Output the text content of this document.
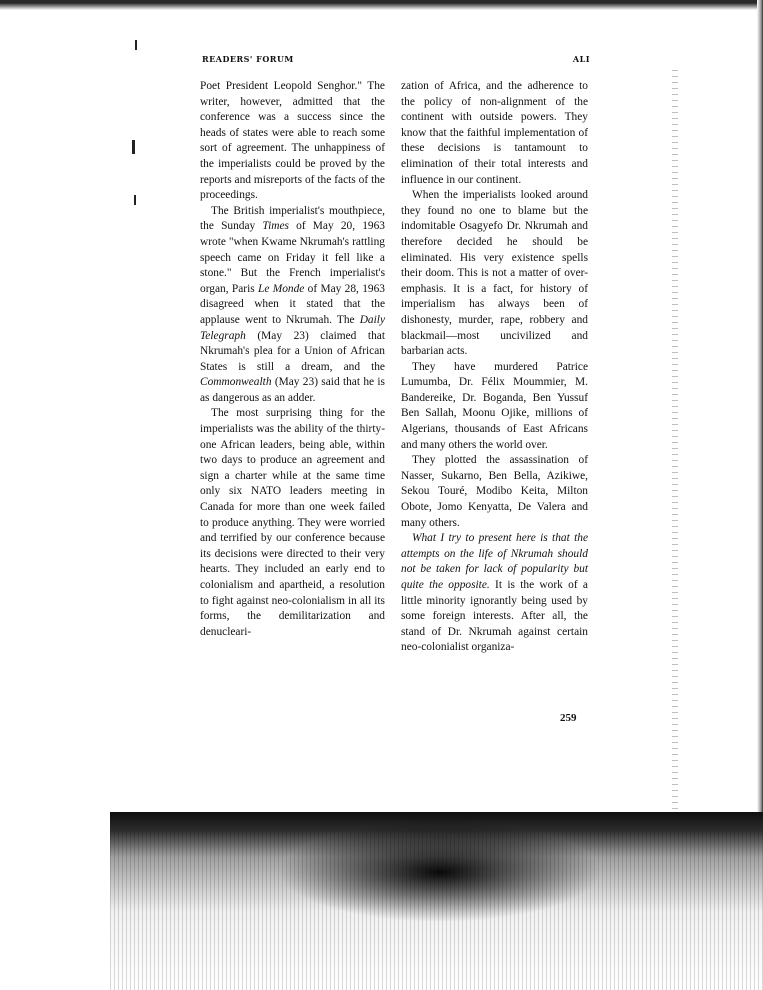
READERS' FORUM	ALI

Poet President Leopold Senghor." The writer, however, admitted that the conference was a success since the heads of states were able to reach some sort of agreement. The unhappiness of the imperialists could be proved by the reports and misreports of the facts of the proceedings.

The British imperialist's mouthpiece, the Sunday Times of May 20, 1963 wrote "when Kwame Nkrumah's rattling speech came on Friday it fell like a stone." But the French imperialist's organ, Paris Le Monde of May 28, 1963 disagreed when it stated that the applause went to Nkrumah. The Daily Telegraph (May 23) claimed that Nkrumah's plea for a Union of African States is still a dream, and the Commonwealth (May 23) said that he is as dangerous as an adder.

The most surprising thing for the imperialists was the ability of the thirty-one African leaders, being able, within two days to produce an agreement and sign a charter while at the same time only six NATO leaders meeting in Canada for more than one week failed to produce anything. They were worried and terrified by our conference because its decisions were directed to their very hearts. They included an early end to colonialism and apartheid, a resolution to fight against neo-colonialism in all its forms, the demilitarization and denucleari-

zation of Africa, and the adherence to the policy of non-alignment of the continent with outside powers. They know that the faithful implementation of these decisions is tantamount to elimination of their total interests and influence in our continent.

When the imperialists looked around they found no one to blame but the indomitable Osagyefo Dr. Nkrumah and therefore decided he should be eliminated. His very existence spells their doom. This is not a matter of over-emphasis. It is a fact, for history of imperialism has always been of dishonesty, murder, rape, robbery and blackmail—most uncivilized and barbarian acts.

They have murdered Patrice Lumumba, Dr. Félix Moummier, M. Bandereike, Dr. Boganda, Ben Yussuf Ben Sallah, Moonu Ojike, millions of Algerians, thousands of East Africans and many others the world over.

They plotted the assassination of Nasser, Sukarno, Ben Bella, Azikiwe, Sekou Touré, Modibo Keita, Milton Obote, Jomo Kenyatta, De Valera and many others.

What I try to present here is that the attempts on the life of Nkrumah should not be taken for lack of popularity but quite the opposite. It is the work of a little minority ignorantly being used by some foreign interests. After all, the stand of Dr. Nkrumah against certain neo-colonialist organiza-

259
